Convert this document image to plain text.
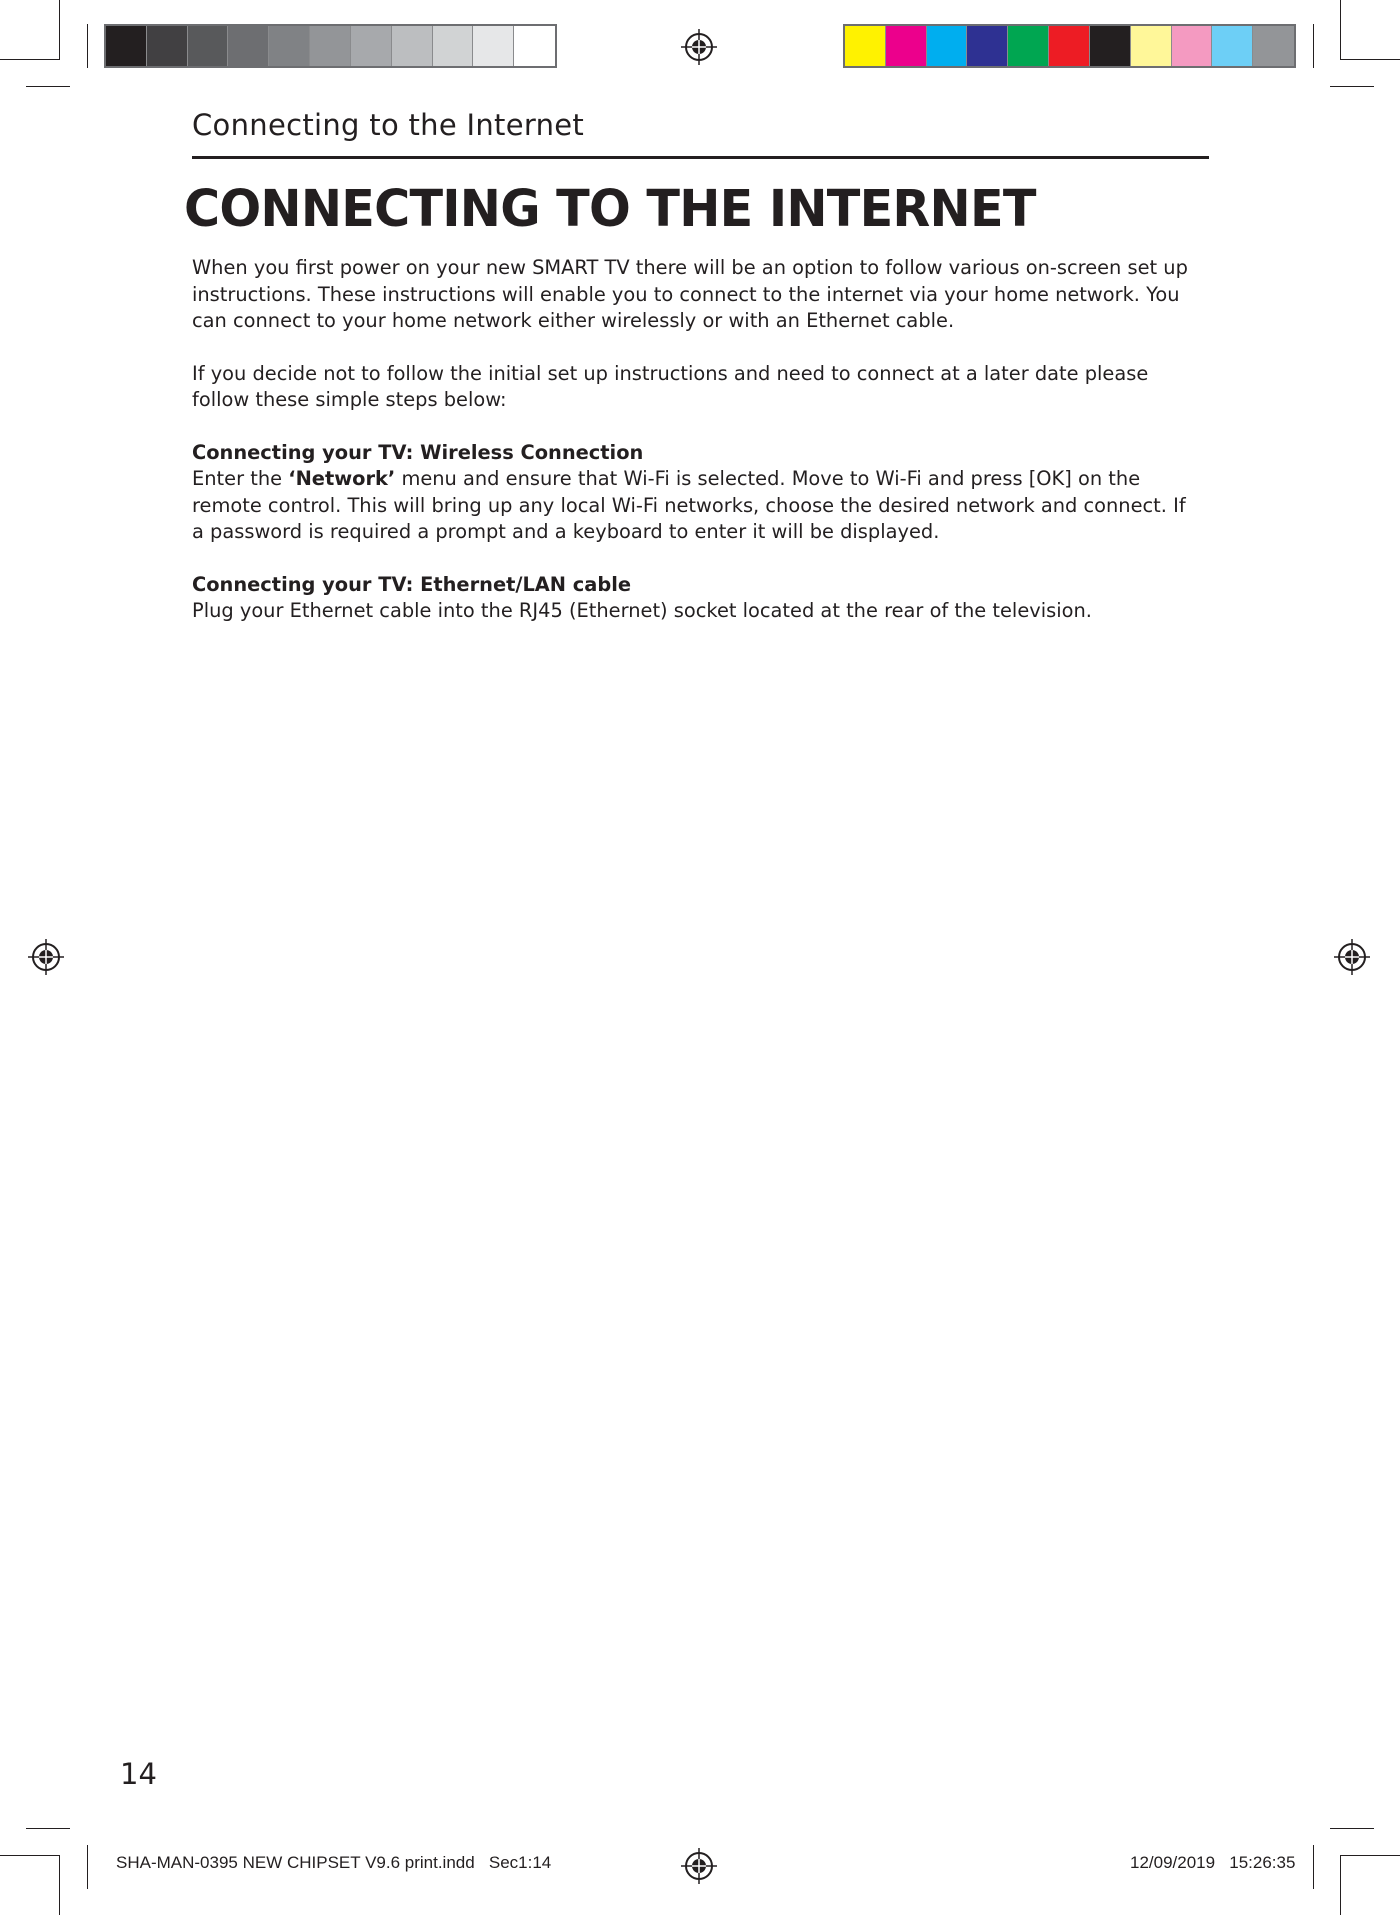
Connecting to the Internet
CONNECTING TO THE INTERNET

When you first power on your new SMART TV there will be an option to follow various on-screen set up instructions. These instructions will enable you to connect to the internet via your home network. You can connect to your home network either wirelessly or with an Ethernet cable.

If you decide not to follow the initial set up instructions and need to connect at a later date please follow these simple steps below:

Connecting your TV: Wireless Connection

Enter the ‘Network’ menu and ensure that Wi-Fi is selected. Move to Wi-Fi and press [OK] on the remote control. This will bring up any local Wi-Fi networks, choose the desired network and connect. If a password is required a prompt and a keyboard to enter it will be displayed.

Connecting your TV: Ethernet/LAN cable

Plug your Ethernet cable into the RJ45 (Ethernet) socket located at the rear of the television.

14
SHA-MAN-0395 NEW CHIPSET V9.6 print.indd   Sec1:14	12/09/2019   15:26:35
